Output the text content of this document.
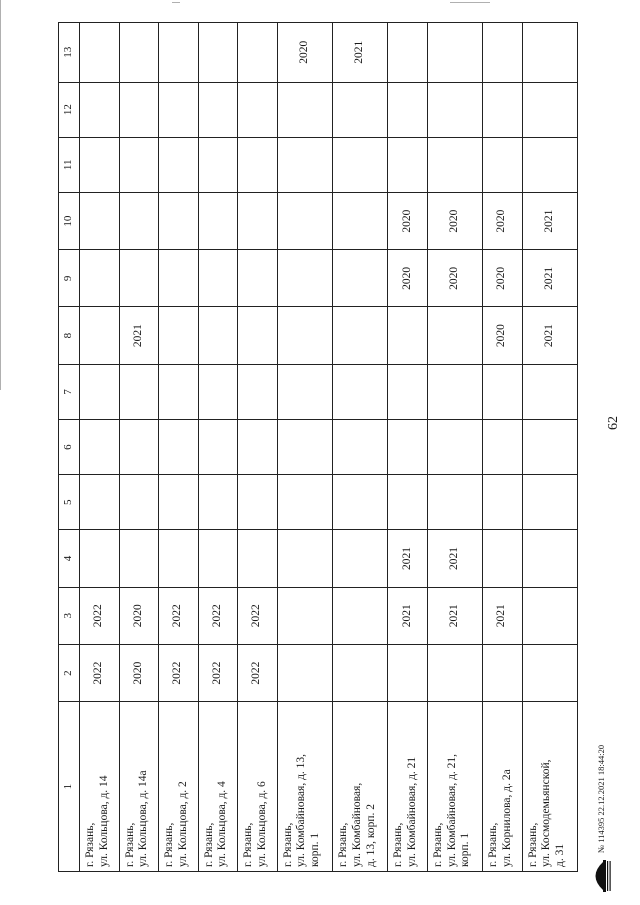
62
1	2	3	4	5	6	7	8	9	10	11	12	13

г. Рязань, ул. Кольцова, д. 14	2022	2022										

г. Рязань, ул. Кольцова, д. 14а	2020	2020					2021					

г. Рязань, ул. Кольцова, д. 2	2022	2022										

г. Рязань, ул. Кольцова, д. 4	2022	2022										

г. Рязань, ул. Кольцова, д. 6	2022	2022										

г. Рязань, ул. Комбайновая, д. 13, корп. 1												2020

г. Рязань, ул. Комбайновая, д. 13, корп. 2												2021

г. Рязань, ул. Комбайновая, д. 21		2021	2021					2020	2020			

г. Рязань, ул. Комбайновая, д. 21, корп. 1		2021	2021					2020	2020			

г. Рязань, ул. Корнилова, д. 2а		2021					2020	2020	2020			

г. Рязань, ул. Космодемьянской, д. 31							2021	2021	2021			
№ 114395 22.12.2021 18:44:20
